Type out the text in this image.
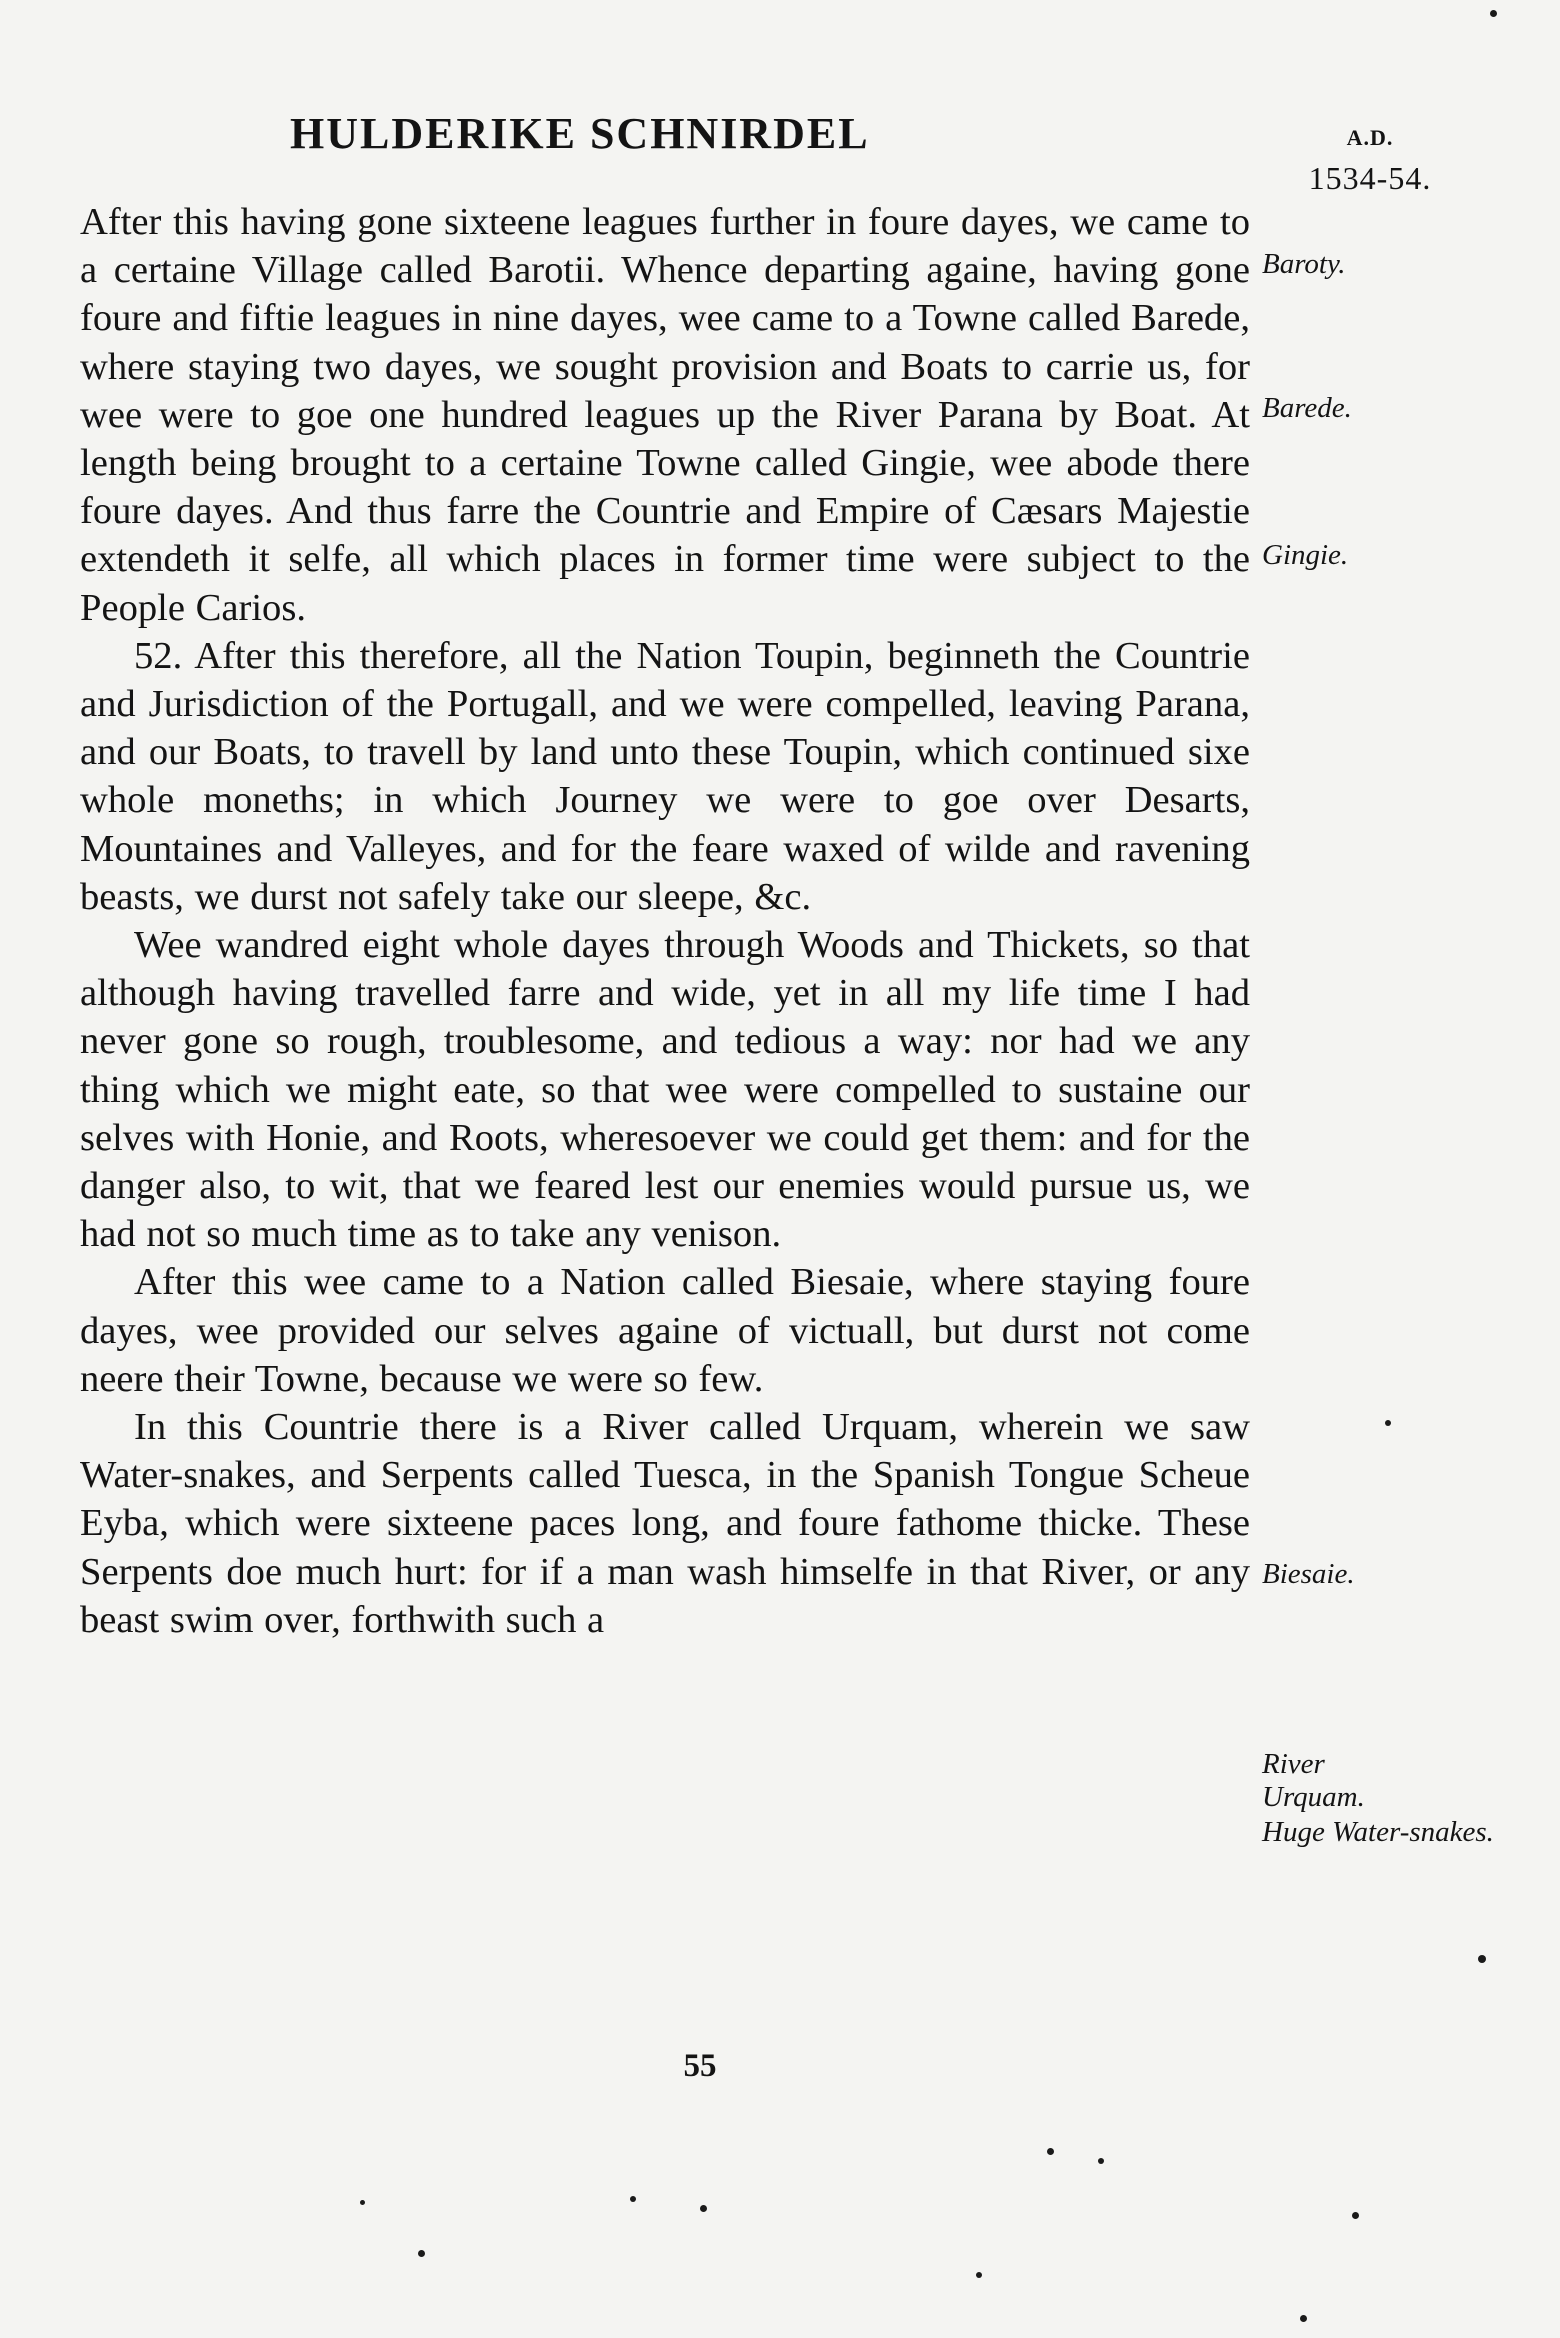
HULDERIKE SCHNIRDEL	A.D.
1534-54.

After this having gone sixteene leagues further in foure dayes, we came to a certaine Village called Barotii. Whence departing againe, having gone foure and fiftie leagues in nine dayes, wee came to a Towne called Barede, where staying two dayes, we sought provision and Boats to carrie us, for wee were to goe one hundred leagues up the River Parana by Boat. At length being brought to a certaine Towne called Gingie, wee abode there foure dayes. And thus farre the Countrie and Empire of Cæsars Majestie extendeth it selfe, all which places in former time were subject to the People Carios.

52. After this therefore, all the Nation Toupin, beginneth the Countrie and Jurisdiction of the Portugall, and we were compelled, leaving Parana, and our Boats, to travell by land unto these Toupin, which continued sixe whole moneths; in which Journey we were to goe over Desarts, Mountaines and Valleyes, and for the feare waxed of wilde and ravening beasts, we durst not safely take our sleepe, &c.

Wee wandred eight whole dayes through Woods and Thickets, so that although having travelled farre and wide, yet in all my life time I had never gone so rough, troublesome, and tedious a way: nor had we any thing which we might eate, so that wee were compelled to sustaine our selves with Honie, and Roots, wheresoever we could get them: and for the danger also, to wit, that we feared lest our enemies would pursue us, we had not so much time as to take any venison.

After this wee came to a Nation called Biesaie, where staying foure dayes, wee provided our selves againe of victuall, but durst not come neere their Towne, because we were so few.

In this Countrie there is a River called Urquam, wherein we saw Water-snakes, and Serpents called Tuesca, in the Spanish Tongue Scheue Eyba, which were sixteene paces long, and foure fathome thicke. These Serpents doe much hurt: for if a man wash himselfe in that River, or any beast swim over, forthwith such a

Baroty.
Barede.
Gingie.
Biesaie.
River Urquam.
Huge Water-snakes.
55
